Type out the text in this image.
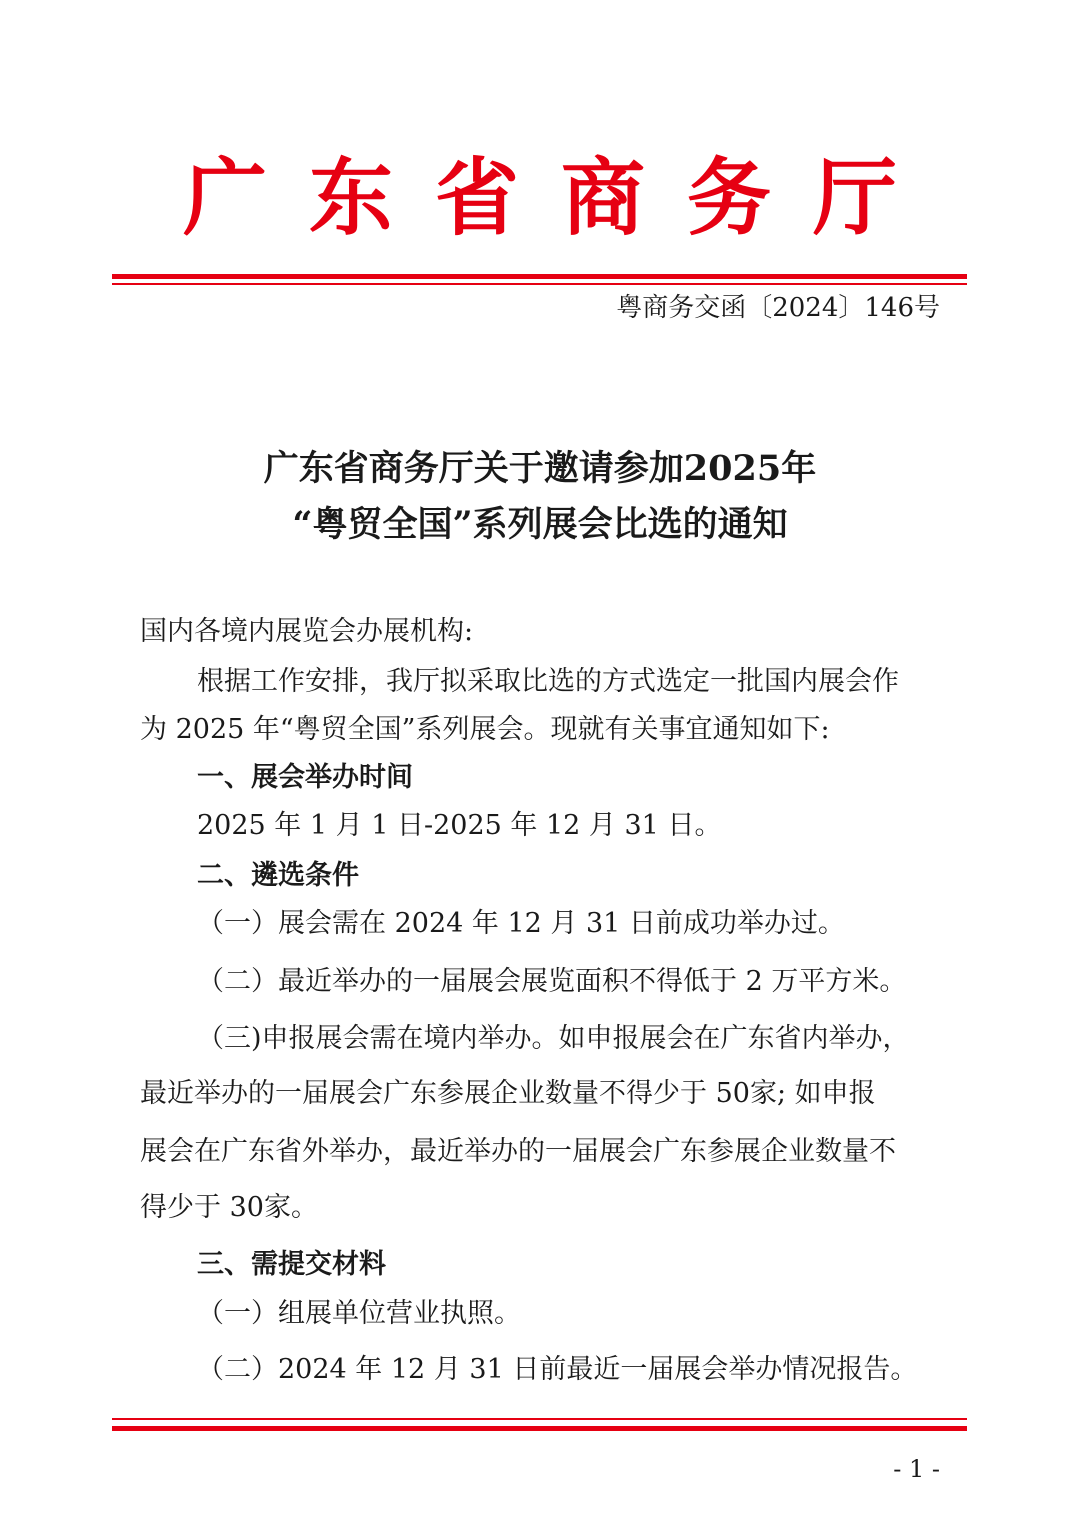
广东省商务厅
粤商务交函〔2024〕146号
广东省商务厅关于邀请参加2025年
“粤贸全国”系列展会比选的通知
国内各境内展览会办展机构:
根据工作安排，我厅拟采取比选的方式选定一批国内展会作
为 2025 年“粤贸全国”系列展会。现就有关事宜通知如下:
一、展会举办时间
2025 年 1 月 1 日-2025 年 12 月 31 日。
二、遴选条件
（一）展会需在 2024 年 12 月 31 日前成功举办过。
（二）最近举办的一届展会展览面积不得低于 2 万平方米。
（三)申报展会需在境内举办。如申报展会在广东省内举办，
最近举办的一届展会广东参展企业数量不得少于 50家; 如申报
展会在广东省外举办，最近举办的一届展会广东参展企业数量不
得少于 30家。
三、需提交材料
（一）组展单位营业执照。
（二）2024 年 12 月 31 日前最近一届展会举办情况报告。
- 1 -
